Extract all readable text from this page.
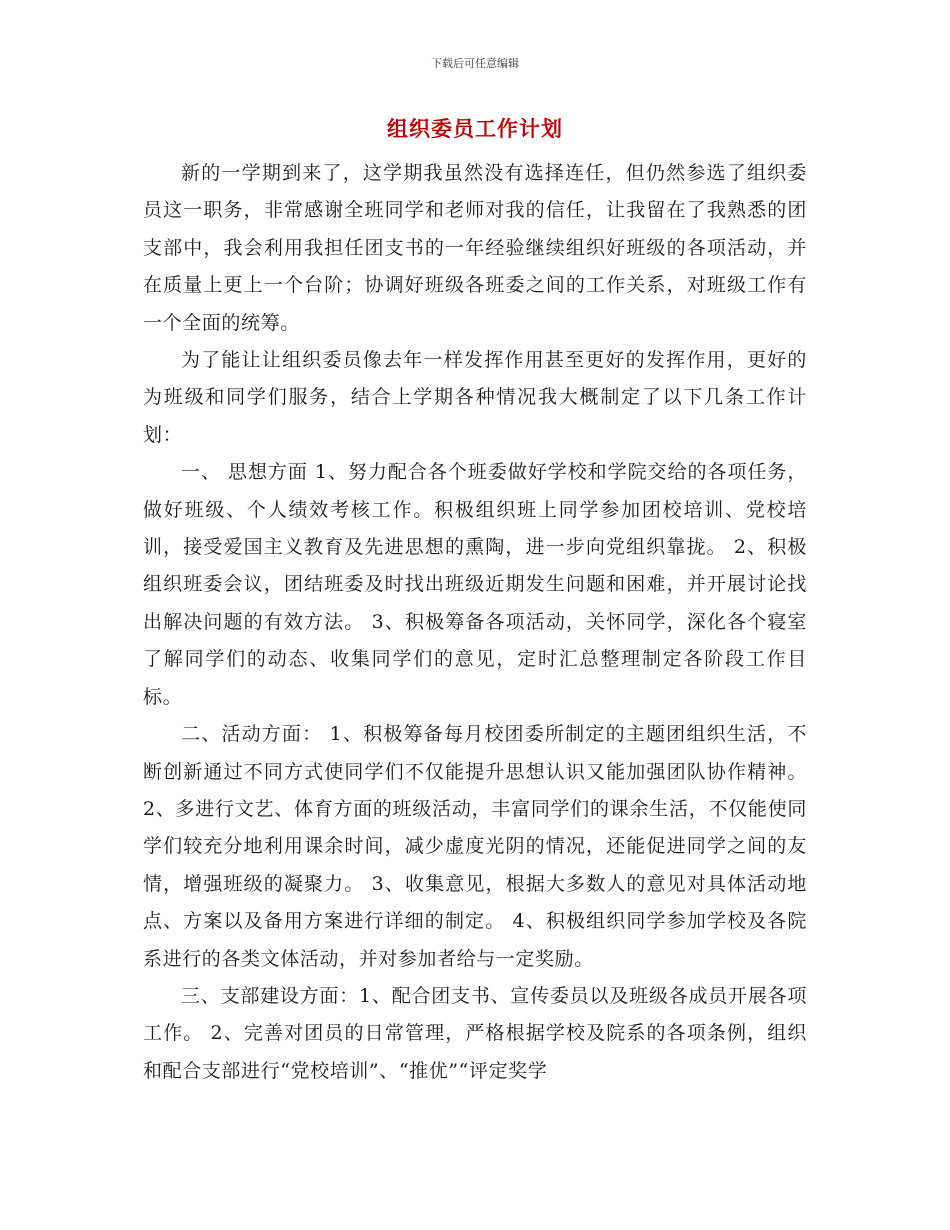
下载后可任意编辑
组织委员工作计划

新的一学期到来了，这学期我虽然没有选择连任，但仍然参选了组织委员这一职务，非常感谢全班同学和老师对我的信任，让我留在了我熟悉的团支部中，我会利用我担任团支书的一年经验继续组织好班级的各项活动，并在质量上更上一个台阶；协调好班级各班委之间的工作关系，对班级工作有一个全面的统筹。

为了能让让组织委员像去年一样发挥作用甚至更好的发挥作用，更好的为班级和同学们服务，结合上学期各种情况我大概制定了以下几条工作计划：

一、 思想方面 1、努力配合各个班委做好学校和学院交给的各项任务，做好班级、个人绩效考核工作。积极组织班上同学参加团校培训、党校培训，接受爱国主义教育及先进思想的熏陶，进一步向党组织靠拢。 2、积极组织班委会议，团结班委及时找出班级近期发生问题和困难，并开展讨论找出解决问题的有效方法。 3、积极筹备各项活动，关怀同学，深化各个寝室了解同学们的动态、收集同学们的意见，定时汇总整理制定各阶段工作目标。

二、活动方面： 1、积极筹备每月校团委所制定的主题团组织生活，不断创新通过不同方式使同学们不仅能提升思想认识又能加强团队协作精神。 2、多进行文艺、体育方面的班级活动，丰富同学们的课余生活，不仅能使同学们较充分地利用课余时间，减少虚度光阴的情况，还能促进同学之间的友情，增强班级的凝聚力。 3、收集意见，根据大多数人的意见对具体活动地点、方案以及备用方案进行详细的制定。 4、积极组织同学参加学校及各院系进行的各类文体活动，并对参加者给与一定奖励。

三、支部建设方面：1、配合团支书、宣传委员以及班级各成员开展各项工作。 2、完善对团员的日常管理，严格根据学校及院系的各项条例，组织和配合支部进行“党校培训”、“推优”“评定奖学
